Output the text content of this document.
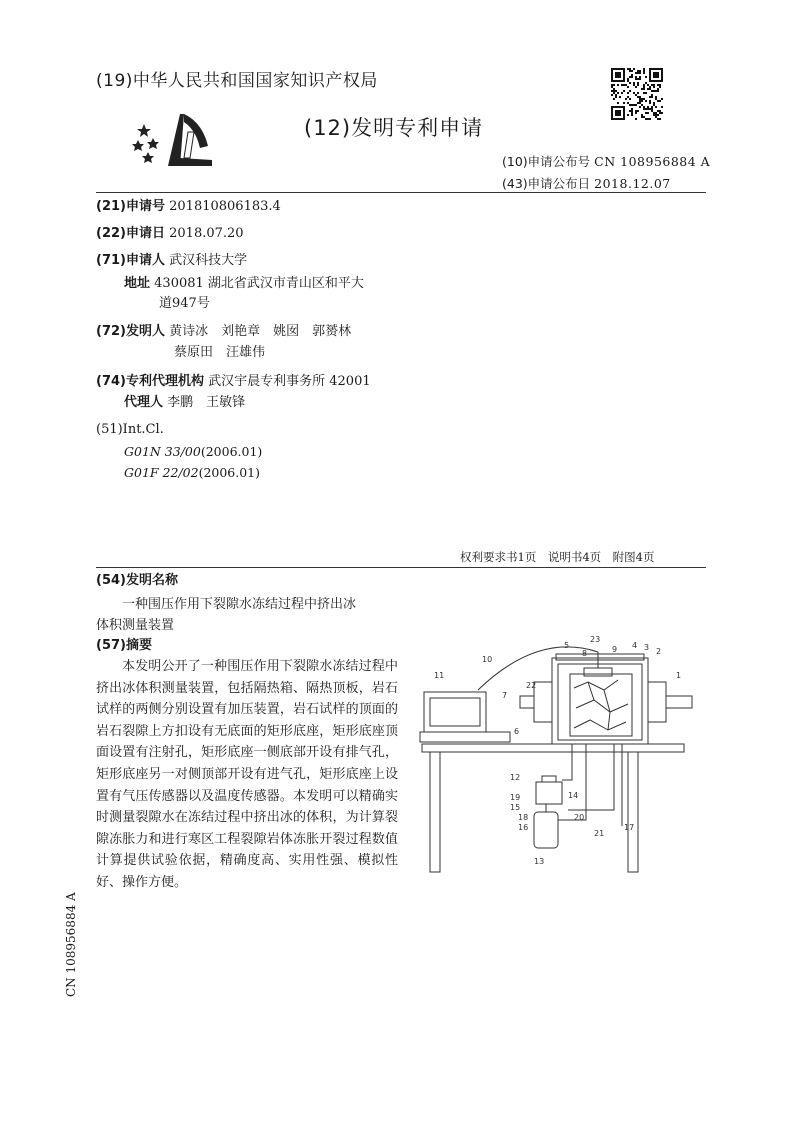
(19)中华人民共和国国家知识产权局
(12)发明专利申请
(10)申请公布号 CN 108956884 A
(43)申请公布日 2018.12.07
(21)申请号 201810806183.4
(22)申请日 2018.07.20
(71)申请人 武汉科技大学
地址 430081 湖北省武汉市青山区和平大
道947号
(72)发明人 黄诗冰　刘艳章　姚囡　郭赟林
蔡原田　汪雄伟
(74)专利代理机构 武汉宇晨专利事务所 42001
代理人 李鹏　王敏锋
(51)Int.Cl.
G01N 33/00(2006.01)
G01F 22/02(2006.01)
权利要求书1页　说明书4页　附图4页
(54)发明名称
一种围压作用下裂隙水冻结过程中挤出冰
体积测量装置
(57)摘要
本发明公开了一种围压作用下裂隙水冻结过程中挤出冰体积测量装置，包括隔热箱、隔热顶板，岩石试样的两侧分别设置有加压装置，岩石试样的顶面的岩石裂隙上方扣设有无底面的矩形底座，矩形底座顶面设置有注射孔，矩形底座一侧底部开设有排气孔，矩形底座另一对侧顶部开设有进气孔，矩形底座上设置有气压传感器以及温度传感器。本发明可以精确实时测量裂隙水在冻结过程中挤出冰的体积，为计算裂隙冻胀力和进行寒区工程裂隙岩体冻胀开裂过程数值计算提供试验依据，精确度高、实用性强、模拟性好、操作方便。
1
2
3
4
5
6
7
8	9
10
11
12
13
14
15
16	17
18
19
20
21
22
23
CN 108956884 A
